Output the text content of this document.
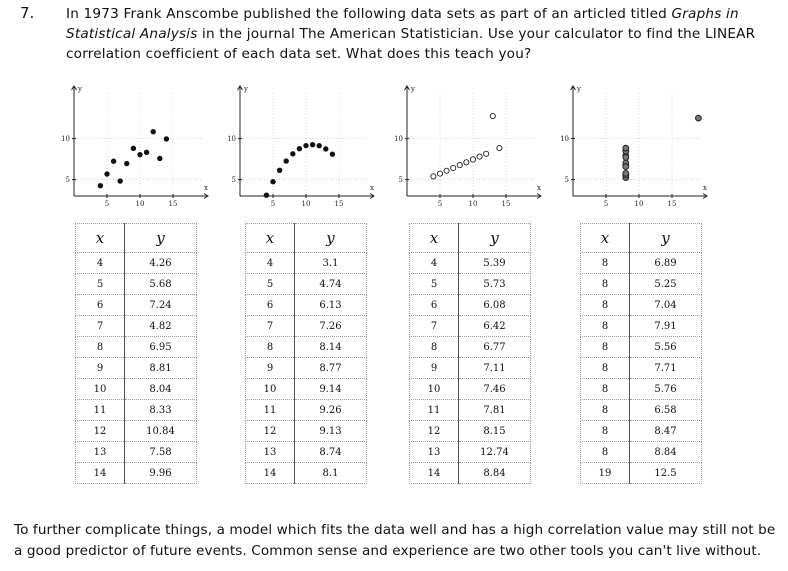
7. In 1973 Frank Anscombe published the following data sets as part of an articled titled Graphs in Statistical Analysis in the journal The American Statistician. Use your calculator to find the LINEAR correlation coefficient of each data set. What does this teach you?
x
y
5	10	15
5
10
x
y
5	10	15
5
10
x
y
5	10	15
5
10
x
y
5	10	15
5
10
x	y
4	4.26
5	5.68
6	7.24
7	4.82
8	6.95
9	8.81
10	8.04
11	8.33
12	10.84
13	7.58
14	9.96
x	y
4	3.1
5	4.74
6	6.13
7	7.26
8	8.14
9	8.77
10	9.14
11	9.26
12	9.13
13	8.74
14	8.1
x	y
4	5.39
5	5.73
6	6.08
7	6.42
8	6.77
9	7.11
10	7.46
11	7.81
12	8.15
13	12.74
14	8.84
x	y
8	6.89
8	5.25
8	7.04
8	7.91
8	5.56
8	7.71
8	5.76
8	6.58
8	8.47
8	8.84
19	12.5
To further complicate things, a model which fits the data well and has a high correlation value may still not be a good predictor of future events. Common sense and experience are two other tools you can't live without.
